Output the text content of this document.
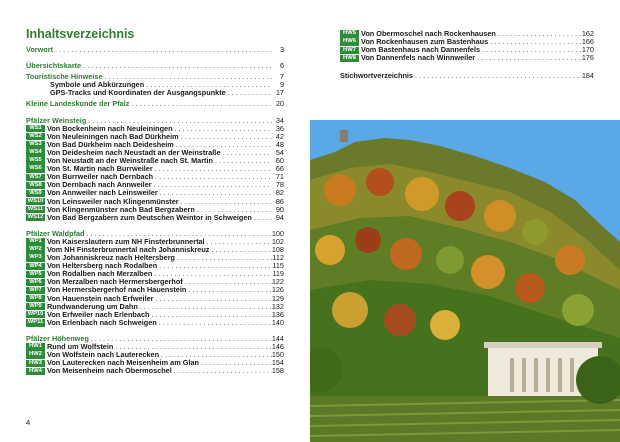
Inhaltsverzeichnis
Vorwort . . .	3
Übersichtskarte . . .	6
Touristische Hinweise . . .	7
Symbole und Abkürzungen . . .	9
GPS-Tracks und Koordinaten der Ausgangspunkte . . .	17
Kleine Landeskunde der Pfalz . . .	20
Pfälzer Weinsteig . . .	34
WS1 Von Bockenheim nach Neuleiningen . . .	36
WS2 Von Neuleiningen nach Bad Dürkheim . . .	42
WS3 Von Bad Dürkheim nach Deidesheim . . .	48
WS4 Von Deidesheim nach Neustadt an der Weinstraße . . .	54
WS5 Von Neustadt an der Weinstraße nach St. Martin . . .	60
WS6 Von St. Martin nach Burrweiler . . .	66
WS7 Von Burrweiler nach Dernbach . . .	71
WS8 Von Dernbach nach Annweiler . . .	78
WS9 Von Annweiler nach Leinsweiler . . .	82
WS10 Von Leinsweiler nach Klingenmünster . . .	86
WS11 Von Klingenmünster nach Bad Bergzabern . . .	90
WS12 Von Bad Bergzabern zum Deutschen Weintor in Schweigen . . .	94
Pfälzer Waldpfad . . .	100
WP1 Von Kaiserslautern zum NH Finsterbrunnertal . . .	102
WP2 Vom NH Finsterbrunnertal nach Johanniskreuz . . .	108
WP3 Von Johanniskreuz nach Heltersberg . . .	112
WP4 Von Heltersberg nach Rodalben . . .	115
WP5 Von Rodalben nach Merzalben . . .	119
WP6 Von Merzalben nach Hermersbergerhof . . .	122
WP7 Von Hermersbergerhof nach Hauenstein . . .	126
WP8 Von Hauenstein nach Erfweiler . . .	129
WP9 Rundwanderung um Dahn . . .	132
WP10 Von Erfweiler nach Erlenbach . . .	136
WP11 Von Erlenbach nach Schweigen . . .	140
Pfälzer Höhenweg . . .	144
HW1 Rund um Wolfstein . . .	146
HW2 Von Wolfstein nach Lauterecken . . .	150
HW3 Von Lauterecken nach Meisenheim am Glan . . .	154
HW4 Von Meisenheim nach Obermoschel . . .	158
HW5 Von Obermoschel nach Rockenhausen . . .	162
HW6 Von Rockenhausen zum Bastenhaus . . .	166
HW7 Vom Bastenhaus nach Dannenfels . . .	170
HW8 Von Dannenfels nach Winnweiler . . .	176
Stichwortverzeichnis . . .	184
4
